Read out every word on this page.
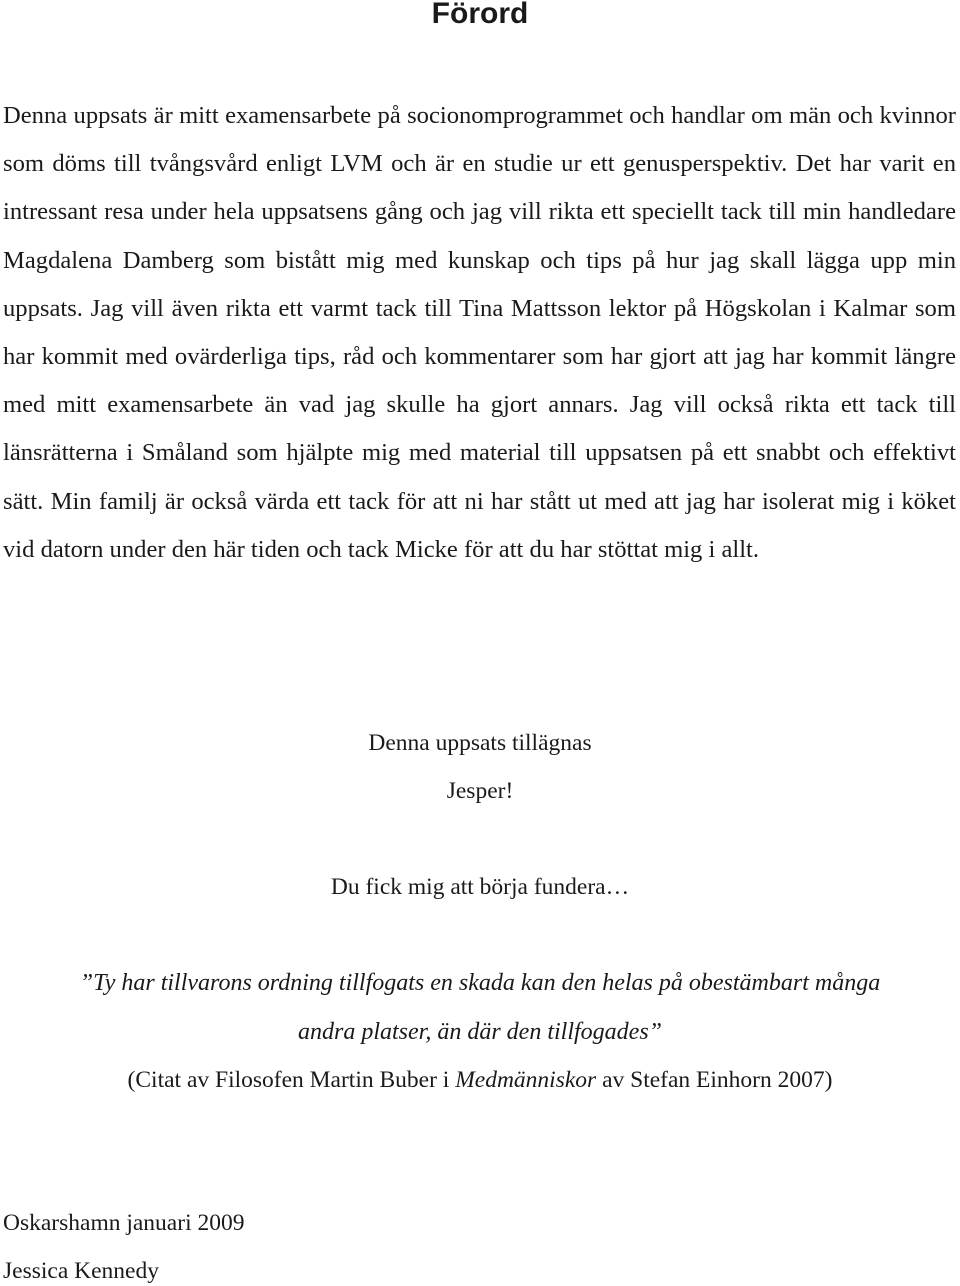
Förord

Denna uppsats är mitt examensarbete på socionomprogrammet och handlar om män och kvinnor som döms till tvångsvård enligt LVM och är en studie ur ett genusperspektiv. Det har varit en intressant resa under hela uppsatsens gång och jag vill rikta ett speciellt tack till min handledare Magdalena Damberg som bistått mig med kunskap och tips på hur jag skall lägga upp min uppsats. Jag vill även rikta ett varmt tack till Tina Mattsson lektor på Högskolan i Kalmar som har kommit med ovärderliga tips, råd och kommentarer som har gjort att jag har kommit längre med mitt examensarbete än vad jag skulle ha gjort annars. Jag vill också rikta ett tack till länsrätterna i Småland som hjälpte mig med material till uppsatsen på ett snabbt och effektivt sätt. Min familj är också värda ett tack för att ni har stått ut med att jag har isolerat mig i köket vid datorn under den här tiden och tack Micke för att du har stöttat mig i allt.

Denna uppsats tillägnas

Jesper!

Du fick mig att börja fundera…

”Ty har tillvarons ordning tillfogats en skada kan den helas på obestämbart många

andra platser, än där den tillfogades”

(Citat av Filosofen Martin Buber i Medmänniskor av Stefan Einhorn 2007)

Oskarshamn januari 2009

Jessica Kennedy
